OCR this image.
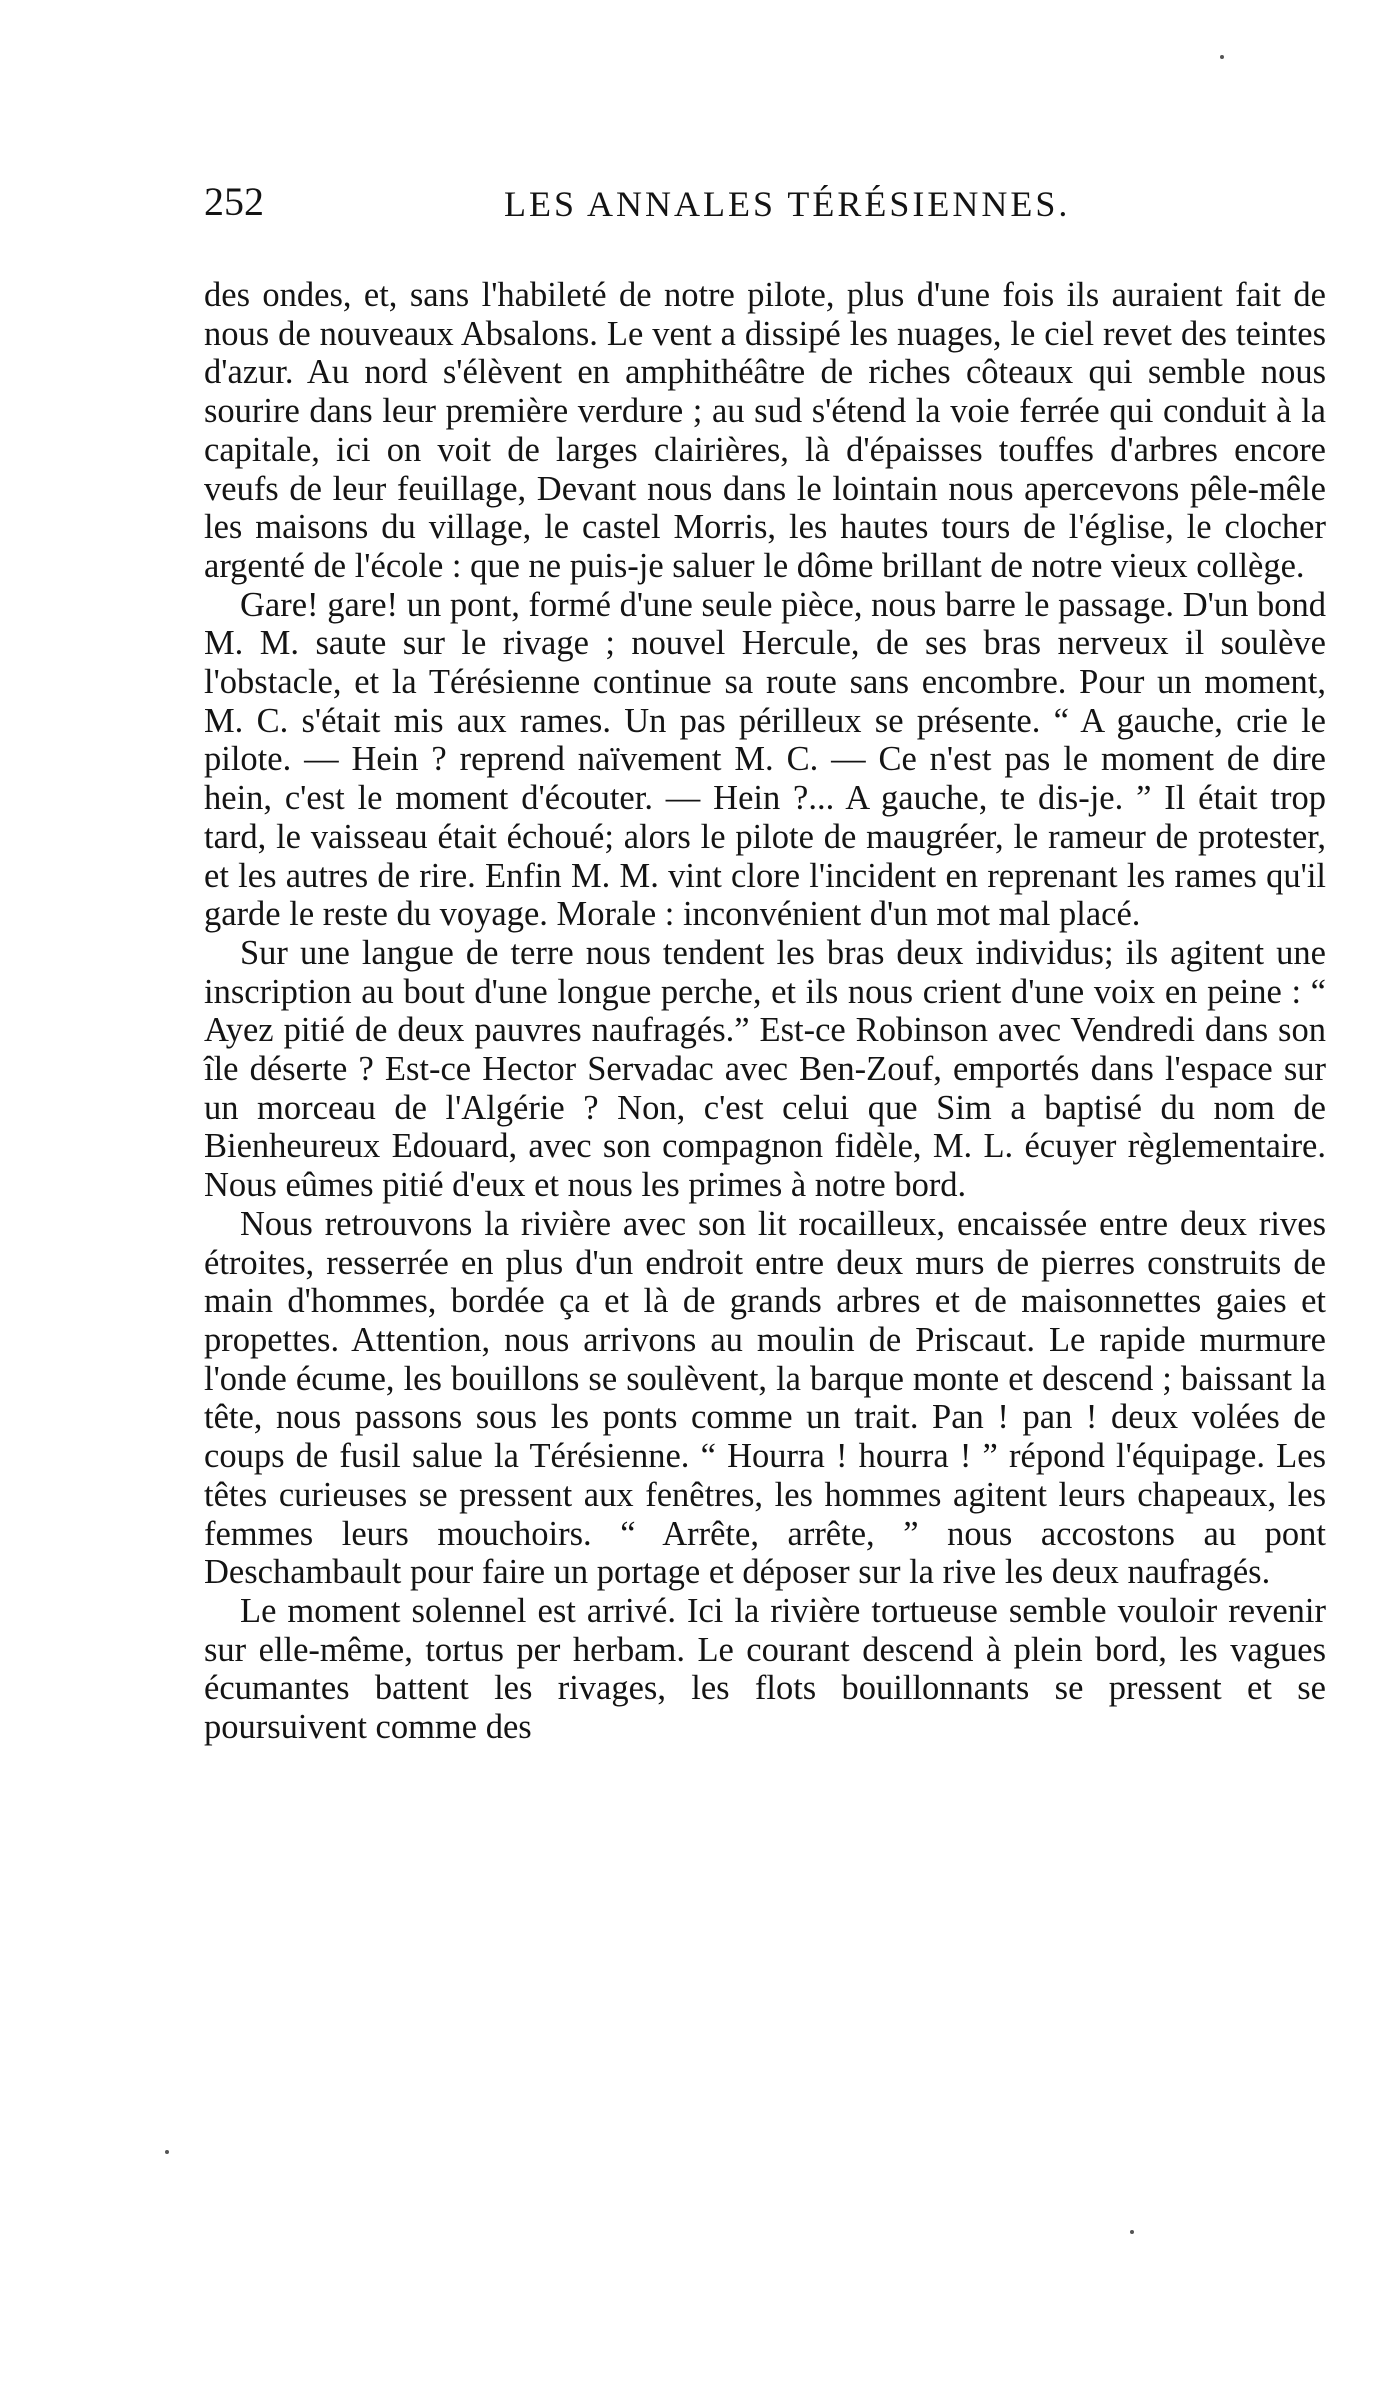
252	LES ANNALES TÉRÉSIENNES.

des ondes, et, sans l'habileté de notre pilote, plus d'une fois ils auraient fait de nous de nouveaux Absalons. Le vent a dissipé les nuages, le ciel revet des teintes d'azur. Au nord s'élèvent en amphithéâtre de riches côteaux qui semble nous sourire dans leur première verdure ; au sud s'étend la voie ferrée qui conduit à la capitale, ici on voit de larges clairières, là d'épaisses touffes d'arbres encore veufs de leur feuillage, Devant nous dans le lointain nous apercevons pêle-mêle les maisons du village, le castel Morris, les hautes tours de l'église, le clocher argenté de l'école : que ne puis-je saluer le dôme brillant de notre vieux collège.

Gare! gare! un pont, formé d'une seule pièce, nous barre le passage. D'un bond M. M. saute sur le rivage ; nouvel Hercule, de ses bras nerveux il soulève l'obstacle, et la Térésienne continue sa route sans encombre. Pour un moment, M. C. s'était mis aux rames. Un pas périlleux se présente. “ A gauche, crie le pilote. — Hein ? reprend naïvement M. C. — Ce n'est pas le moment de dire hein, c'est le moment d'écouter. — Hein ?... A gauche, te dis-je. ” Il était trop tard, le vaisseau était échoué; alors le pilote de maugréer, le rameur de protester, et les autres de rire. Enfin M. M. vint clore l'incident en reprenant les rames qu'il garde le reste du voyage. Morale : inconvénient d'un mot mal placé.

Sur une langue de terre nous tendent les bras deux individus; ils agitent une inscription au bout d'une longue perche, et ils nous crient d'une voix en peine : “ Ayez pitié de deux pauvres naufragés.” Est-ce Robinson avec Vendredi dans son île déserte ? Est-ce Hector Servadac avec Ben-Zouf, emportés dans l'espace sur un morceau de l'Algérie ? Non, c'est celui que Sim a baptisé du nom de Bienheureux Edouard, avec son compagnon fidèle, M. L. écuyer règlementaire. Nous eûmes pitié d'eux et nous les primes à notre bord.

Nous retrouvons la rivière avec son lit rocailleux, encaissée entre deux rives étroites, resserrée en plus d'un endroit entre deux murs de pierres construits de main d'hommes, bordée ça et là de grands arbres et de maisonnettes gaies et propettes. Attention, nous arrivons au moulin de Priscaut. Le rapide murmure l'onde écume, les bouillons se soulèvent, la barque monte et descend ; baissant la tête, nous passons sous les ponts comme un trait. Pan ! pan ! deux volées de coups de fusil salue la Térésienne. “ Hourra ! hourra ! ” répond l'équipage. Les têtes curieuses se pressent aux fenêtres, les hommes agitent leurs chapeaux, les femmes leurs mouchoirs. “ Arrête, arrête, ” nous accostons au pont Deschambault pour faire un portage et déposer sur la rive les deux naufragés.

Le moment solennel est arrivé. Ici la rivière tortueuse semble vouloir revenir sur elle-même, tortus per herbam. Le courant descend à plein bord, les vagues écumantes battent les rivages, les flots bouillonnants se pressent et se poursuivent comme des
